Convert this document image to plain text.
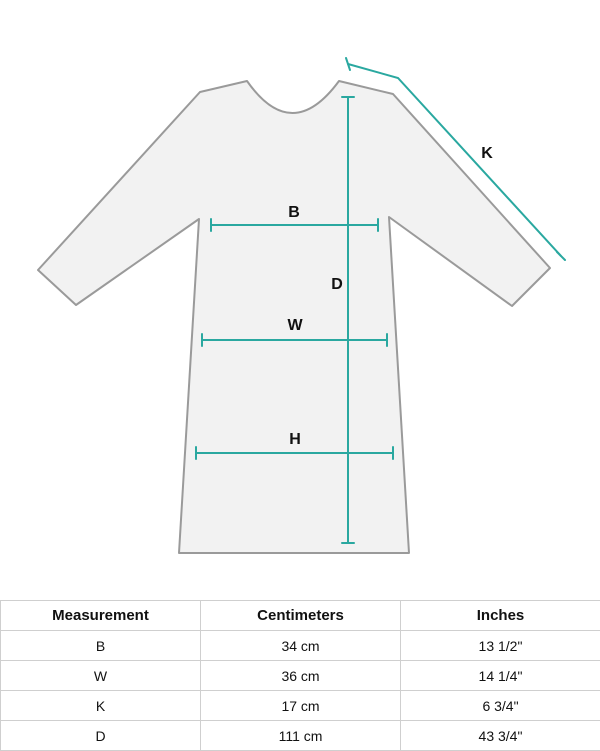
B
W
H
D
K
Measurement	Centimeters	Inches
B	34 cm	13 1/2"
W	36 cm	14 1/4"
K	17 cm	6 3/4"
D	111 cm	43 3/4"
